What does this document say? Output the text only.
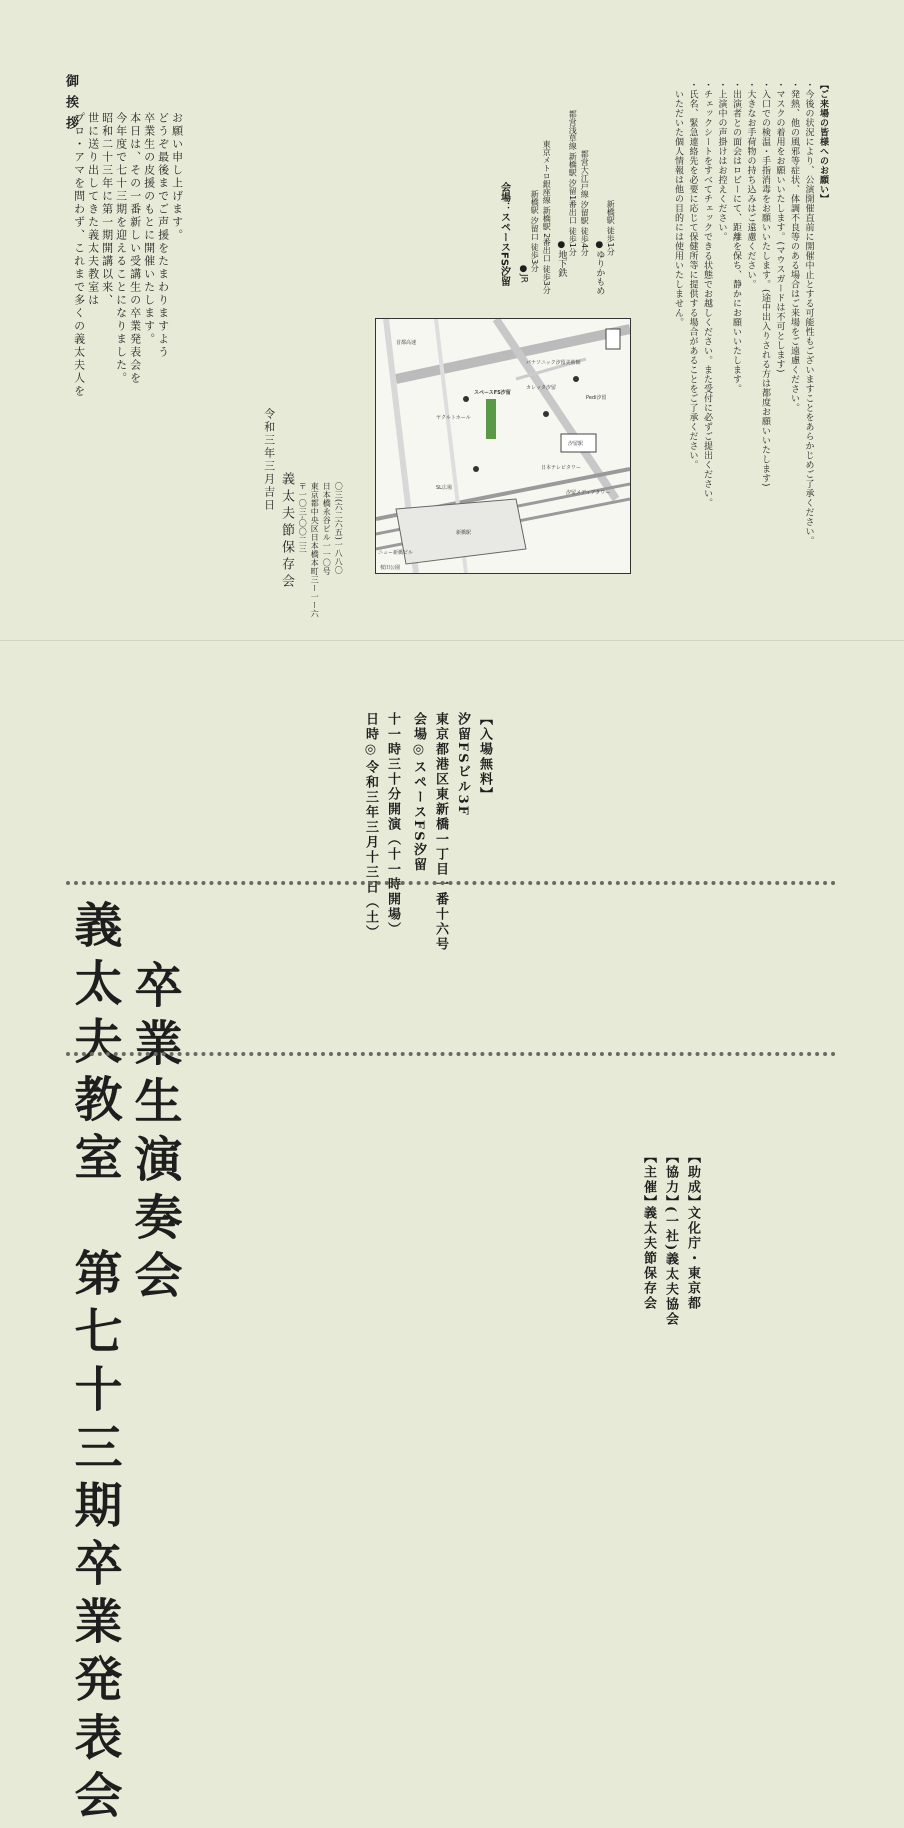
御挨拶
プロ・アマを問わず、これまで多くの義太夫人を 世に送り出してきた義太夫教室は 昭和二十三年に第一期開講以来、 今年度で七十三期を迎えることになりました。 本日は、その一番新しい受講生の卒業発表会を 卒業生の皮援のもとに開催いたします。 どうぞ最後までご声援をたまわりますよう お願い申し上げます。
令和三年三月吉日
義太夫節保存会 〒一〇三-〇〇二三 東京都中央区日本橋本町三ー一ー六 日本橋永谷ビル一一〇号 〇三(六二六五)一八八〇	新橋駅
汐留駅
スペースFS汐留
パナソニック汐留美術館
カレッタ汐留
ヤクルトホール
日本テレビタワー
汐留メディアタワー
ニュー新橋ビル
SL広場
桜田公園
首都高速
Pedi汐留
会場：スペースFS汐留 ●JR
新橋駅 汐留口 徒歩3分 東京メトロ銀座線 新橋駅 2番出口 徒歩3分 ●地下鉄
都営浅草線 新橋駅 汐留1番出口 徒歩1分 都営大江戸線 汐留駅 徒歩4分
●ゆりかもめ
新橋駅 徒歩1分
【ご来場の皆様へのお願い】
・今後の状況により、公演開催直前に開催中止とする可能性もございますことをあらかじめご了承ください。
・発熱、他の風邪等症状、体調不良等のある場合はご来場をご遠慮ください。
・マスクの着用をお願いいたします。(マウスガードは不可とします)
・入口での検温・手指消毒をお願いいたします。(途中出入りされる方は都度お願いいたします)
・大きなお手荷物の持ち込みはご遠慮ください。
・出演者との面会はロビーにて、距離を保ち、静かにお願いいたします。
・上演中の声掛けはお控えください。
・チェックシートをすべてチェックできる状態でお越しください。また受付に必ずご提出ください。
・氏名、緊急連絡先を必要に応じて保健所等に提供する場合があることをご了承ください。
　いただいた個人情報は他の目的には使用いたしません。
日時◎
令和三年三月十三日（土） 十一時三十分開演（十一時開場） 会場◎
スペースFS汐留 東京都港区東新橋一丁目一番十六号 汐留FSビル3F 【入場無料】
義太夫教室　第七十三期卒業発表会 卒業生演奏会	【主催】
義太夫節保存会
【協力】
(一社)義太夫協会
【助成】
文化庁・東京都
